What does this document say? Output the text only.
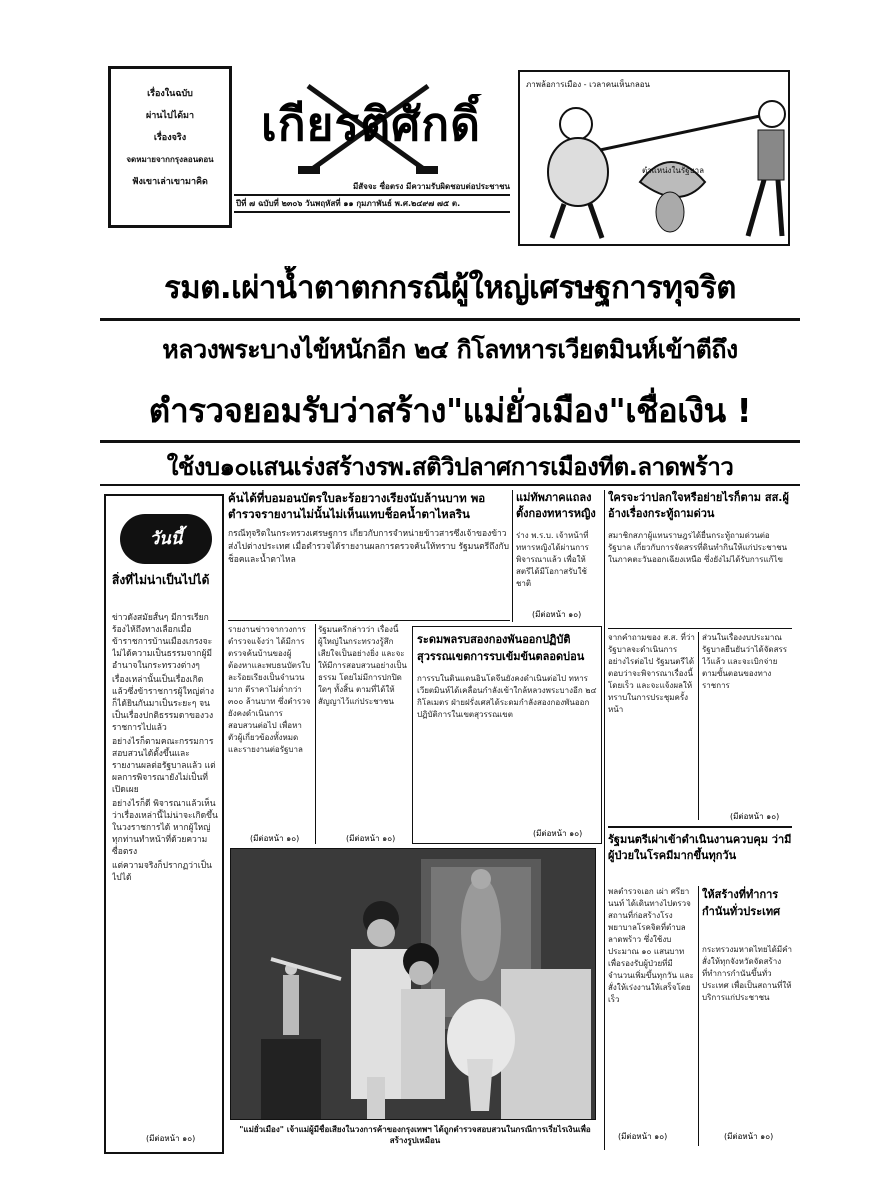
เรื่องในฉบับ
ผ่านไปได้มา
เรื่องจริง
จดหมายจากกรุงลอนดอน
ฟังเขาเล่าเขามาคิด
เกียรติศักดิ์
มีสัจจะ ซื่อตรง มีความรับผิดชอบต่อประชาชน
ปีที่ ๗ ฉบับที่ ๒๓๐๖ วันพฤหัสที่ ๑๑ กุมภาพันธ์ พ.ศ.๒๔๙๗ ๗๕ ต.
ภาพล้อการเมือง - เวลาคนเห็นกลอน
ตำแหน่งในรัฐบาล
รมต.เผ่าน้ำตาตกกรณีผู้ใหญ่เศรษฐการทุจริต
หลวงพระบางไข้หนักอีก ๒๔ กิโลทหารเวียตมินห์เข้าตีถึง
ตำรวจยอมรับว่าสร้าง"แม่ยั่วเมือง"เชื่อเงิน !
ใช้งบ๑๐แสนเร่งสร้างรพ.สติวิปลาศการเมืองทีต.ลาดพร้าว
วันนี้
สิ่งที่ไม่น่าเป็นไปได้

ข่าวดังสมัยสั้นๆ มีการเรียกร้องไห้ถึงทางเลือกเมื่อข้าราชการบ้านเมืองเกรงจะไม่ได้ความเป็นธรรมจากผู้มีอำนาจในกระทรวงต่างๆ

เรื่องเหล่านั้นเป็นเรื่องเกิดแล้วซึ่งข้าราชการผู้ใหญ่ต่างก็ได้ยินกันมาเป็นระยะๆ จนเป็นเรื่องปกติธรรมดาของวงราชการไปแล้ว

อย่างไรก็ตามคณะกรรมการสอบสวนได้ตั้งขึ้นและรายงานผลต่อรัฐบาลแล้ว แต่ผลการพิจารณายังไม่เป็นที่เปิดเผย

อย่างไรก็ดี พิจารณาแล้วเห็นว่าเรื่องเหล่านี้ไม่น่าจะเกิดขึ้นในวงราชการได้ หากผู้ใหญ่ทุกท่านทำหน้าที่ด้วยความซื่อตรง

แต่ความจริงก็ปรากฏว่าเป็นไปได้

(มีต่อหน้า ๑๐)
ค้นได้ที่บอมอนบัตรใบละร้อยวางเรียงนับล้านบาท พอตำรวจรายงานไม่นั้นไม่เห็นแทบช็อคน้ำตาไหลริน
กรณีทุจริตในกระทรวงเศรษฐการ เกี่ยวกับการจำหน่ายข้าวสารซึ่งเจ้าของข้าวส่งไปต่างประเทศ เมื่อตำรวจได้รายงานผลการตรวจค้นให้ทราบ รัฐมนตรีถึงกับช็อคและน้ำตาไหล
รายงานข่าวจากวงการตำรวจแจ้งว่า ได้มีการตรวจค้นบ้านของผู้ต้องหาและพบธนบัตรใบละร้อยเรียงเป็นจำนวนมาก ตีราคาไม่ต่ำกว่า ๓๐๐ ล้านบาท ซึ่งตำรวจยังคงดำเนินการสอบสวนต่อไป เพื่อหาตัวผู้เกี่ยวข้องทั้งหมด และรายงานต่อรัฐบาล
(มีต่อหน้า ๑๐)
รัฐมนตรีกล่าวว่า เรื่องนี้ผู้ใหญ่ในกระทรวงรู้สึกเสียใจเป็นอย่างยิ่ง และจะให้มีการสอบสวนอย่างเป็นธรรม โดยไม่มีการปกปิดใดๆ ทั้งสิ้น ตามที่ได้ให้สัญญาไว้แก่ประชาชน
(มีต่อหน้า ๑๐)
แม่ทัพภาคแถลง ตั้งกองทหารหญิง
ร่าง พ.ร.บ. เจ้าหน้าที่ทหารหญิงได้ผ่านการพิจารณาแล้ว เพื่อให้สตรีได้มีโอกาสรับใช้ชาติ
(มีต่อหน้า ๑๐)
ระดมพลรบสองกองพันออกปฏิบัติ สุวรรณเขตการรบเข้มข้นตลอดบ่อน
การรบในดินแดนอินโดจีนยังคงดำเนินต่อไป ทหารเวียตมินห์ได้เคลื่อนกำลังเข้าใกล้หลวงพระบางอีก ๒๔ กิโลเมตร ฝ่ายฝรั่งเศสได้ระดมกำลังสองกองพันออกปฏิบัติการในเขตสุวรรณเขต
(มีต่อหน้า ๑๐)
ใครจะว่าปลกใจหรือย่ายไรก็ตาม สส.ผู้อ้างเรื่องกระทู้ถามด่วน
สมาชิกสภาผู้แทนราษฎรได้ยื่นกระทู้ถามด่วนต่อรัฐบาล เกี่ยวกับการจัดสรรที่ดินทำกินให้แก่ประชาชนในภาคตะวันออกเฉียงเหนือ ซึ่งยังไม่ได้รับการแก้ไข
จากคำถามของ ส.ส. ที่ว่ารัฐบาลจะดำเนินการอย่างไรต่อไป รัฐมนตรีได้ตอบว่าจะพิจารณาเรื่องนี้โดยเร็ว และจะแจ้งผลให้ทราบในการประชุมครั้งหน้า
ส่วนในเรื่องงบประมาณ รัฐบาลยืนยันว่าได้จัดสรรไว้แล้ว และจะเบิกจ่ายตามขั้นตอนของทางราชการ
(มีต่อหน้า ๑๐)
รัฐมนตรีเผ่าเข้าดำเนินงานควบคุม ว่ามีผู้ป่วยในโรคมีมากขึ้นทุกวัน
พลตำรวจเอก เผ่า ศรียานนท์ ได้เดินทางไปตรวจสถานที่ก่อสร้างโรงพยาบาลโรคจิตที่ตำบลลาดพร้าว ซึ่งใช้งบประมาณ ๑๐ แสนบาท เพื่อรองรับผู้ป่วยที่มีจำนวนเพิ่มขึ้นทุกวัน และสั่งให้เร่งงานให้เสร็จโดยเร็ว
(มีต่อหน้า ๑๐)
ให้สร้างที่ทำการ กำนันทั่วประเทศ
กระทรวงมหาดไทยได้มีคำสั่งให้ทุกจังหวัดจัดสร้างที่ทำการกำนันขึ้นทั่วประเทศ เพื่อเป็นสถานที่ให้บริการแก่ประชาชน
(มีต่อหน้า ๑๐)
"แม่ยั่วเมือง" เจ้าแม่ผู้มีชื่อเสียงในวงการค้าของกรุงเทพฯ ได้ถูกตำรวจสอบสวนในกรณีการเรี่ยไรเงินเพื่อสร้างรูปเหมือน
